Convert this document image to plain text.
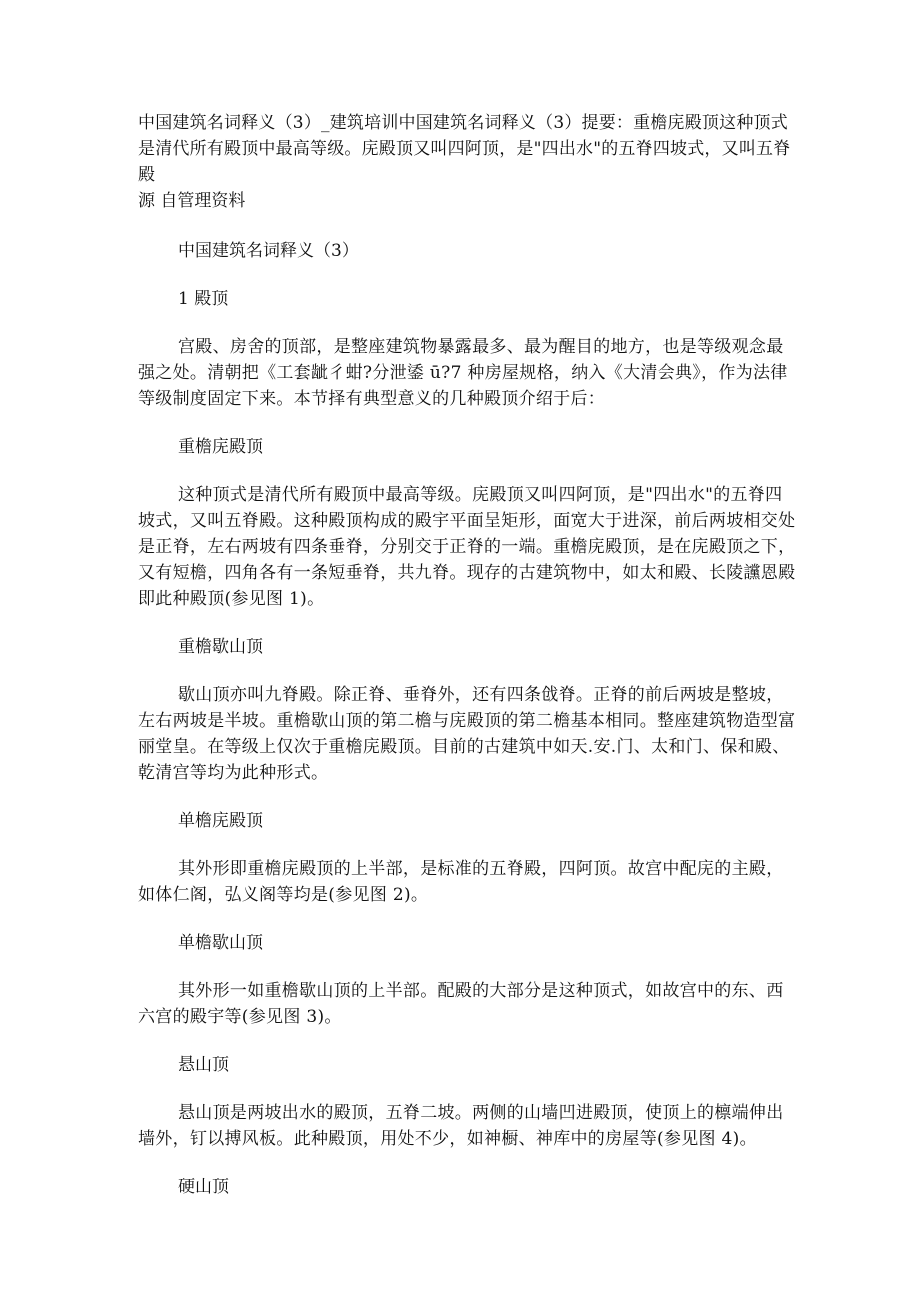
中国建筑名词释义（3）_建筑培训中国建筑名词释义（3）提要：重檐庑殿顶这种顶式是清代所有殿顶中最高等级。庑殿顶又叫四阿顶，是"四出水"的五脊四坡式，又叫五脊殿

源 自管理资料

中国建筑名词释义（3）

1 殿顶

宫殿、房舍的顶部，是整座建筑物暴露最多、最为醒目的地方，也是等级观念最强之处。清朝把《工套龇彳蚶?分泄鋈 ū?7 种房屋规格，纳入《大清会典》，作为法律等级制度固定下来。本节择有典型意义的几种殿顶介绍于后：

重檐庑殿顶

这种顶式是清代所有殿顶中最高等级。庑殿顶又叫四阿顶，是"四出水"的五脊四坡式，又叫五脊殿。这种殿顶构成的殿宇平面呈矩形，面宽大于进深，前后两坡相交处是正脊，左右两坡有四条垂脊，分别交于正脊的一端。重檐庑殿顶，是在庑殿顶之下，又有短檐，四角各有一条短垂脊，共九脊。现存的古建筑物中，如太和殿、长陵讜恩殿即此种殿顶(参见图 1)。

重檐歇山顶

歇山顶亦叫九脊殿。除正脊、垂脊外，还有四条戗脊。正脊的前后两坡是整坡，左右两坡是半坡。重檐歇山顶的第二檐与庑殿顶的第二檐基本相同。整座建筑物造型富丽堂皇。在等级上仅次于重檐庑殿顶。目前的古建筑中如天.安.门、太和门、保和殿、乾清宫等均为此种形式。

单檐庑殿顶

其外形即重檐庑殿顶的上半部，是标准的五脊殿，四阿顶。故宫中配庑的主殿，如体仁阁，弘义阁等均是(参见图 2)。

单檐歇山顶

其外形一如重檐歇山顶的上半部。配殿的大部分是这种顶式，如故宫中的东、西六宫的殿宇等(参见图 3)。

悬山顶

悬山顶是两坡出水的殿顶，五脊二坡。两侧的山墙凹进殿顶，使顶上的檩端伸出墙外，钉以搏风板。此种殿顶，用处不少，如神橱、神库中的房屋等(参见图 4)。

硬山顶
